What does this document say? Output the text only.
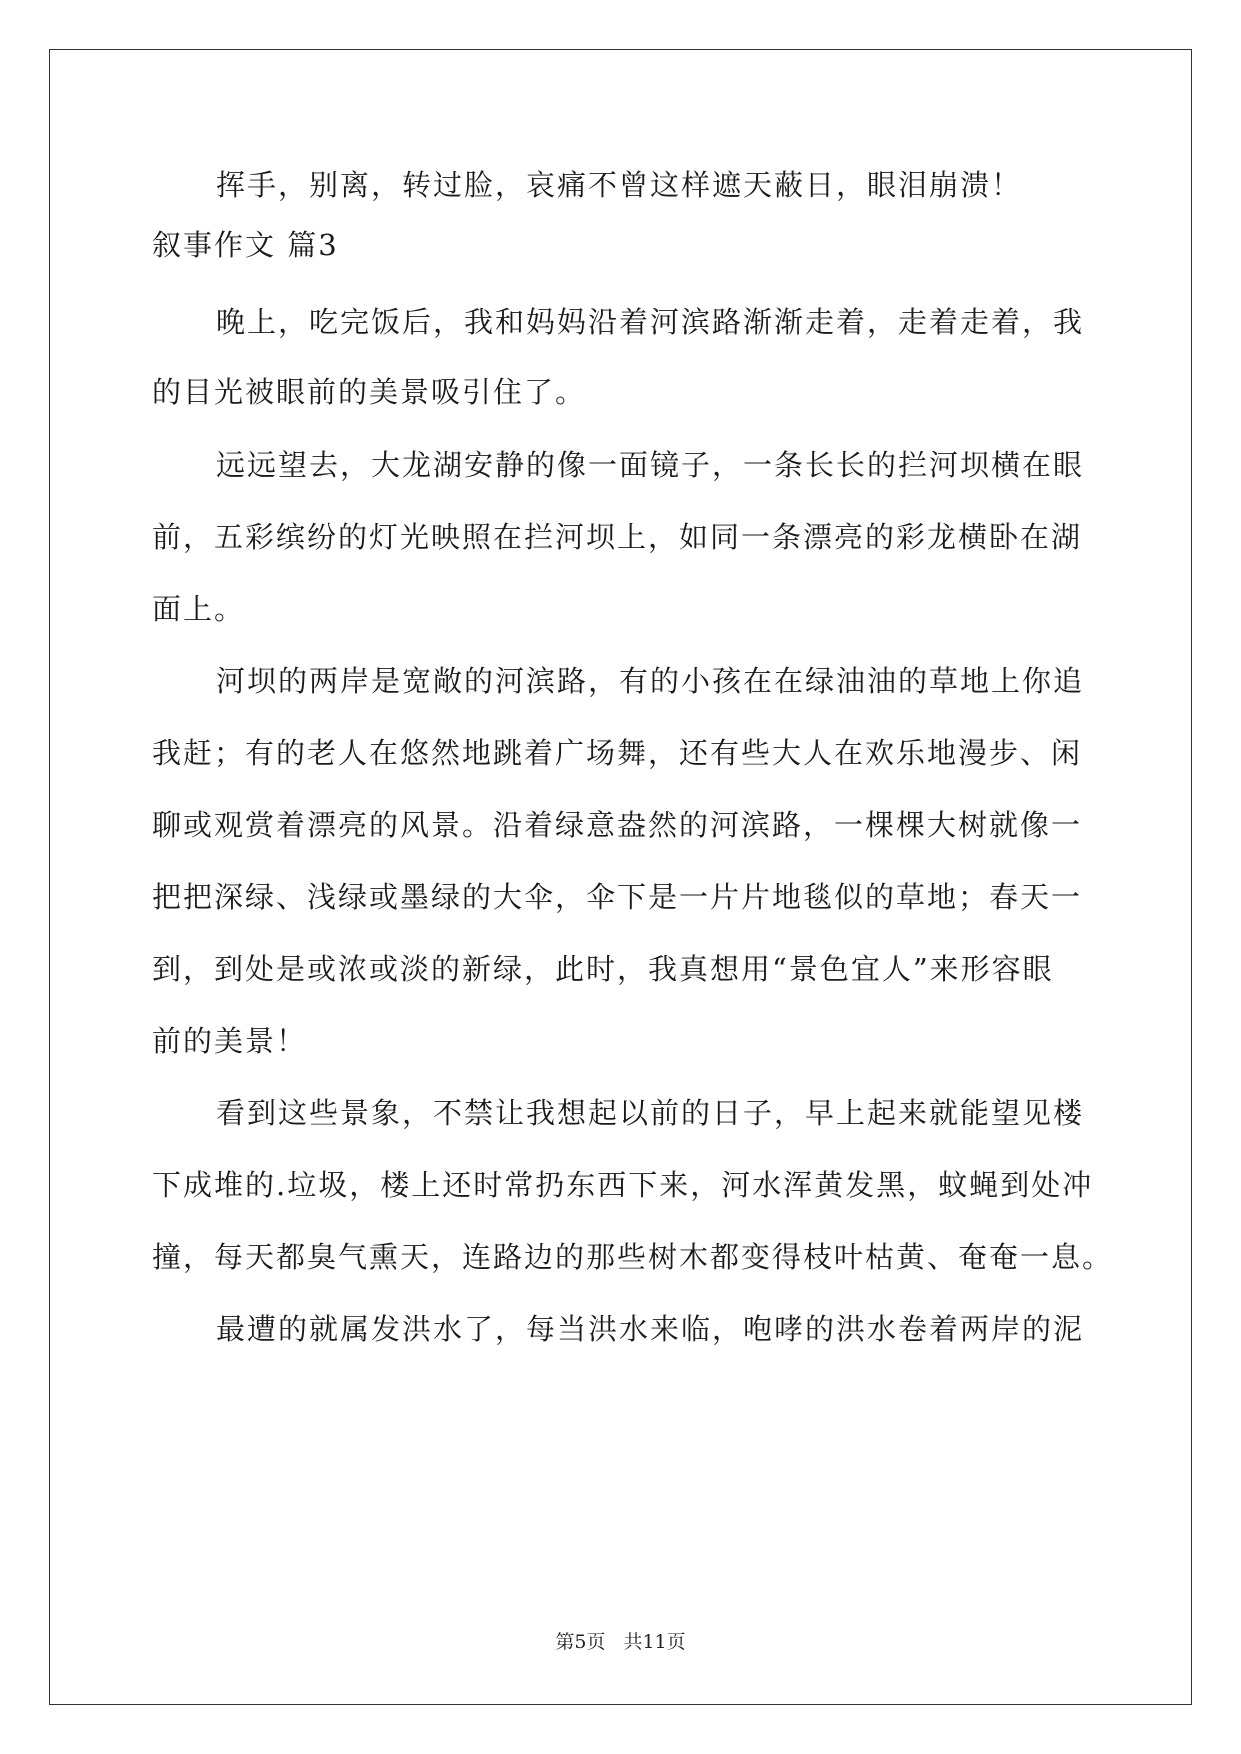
挥手，别离，转过脸，哀痛不曾这样遮天蔽日，眼泪崩溃！
叙事作文 篇3
晚上，吃完饭后，我和妈妈沿着河滨路渐渐走着，走着走着，我
的目光被眼前的美景吸引住了。
远远望去，大龙湖安静的像一面镜子，一条长长的拦河坝横在眼
前，五彩缤纷的灯光映照在拦河坝上，如同一条漂亮的彩龙横卧在湖
面上。
河坝的两岸是宽敞的河滨路，有的小孩在在绿油油的草地上你追
我赶；有的老人在悠然地跳着广场舞，还有些大人在欢乐地漫步、闲
聊或观赏着漂亮的风景。沿着绿意盎然的河滨路，一棵棵大树就像一
把把深绿、浅绿或墨绿的大伞，伞下是一片片地毯似的草地；春天一
到，到处是或浓或淡的新绿，此时，我真想用“景色宜人”来形容眼
前的美景！
看到这些景象，不禁让我想起以前的日子，早上起来就能望见楼
下成堆的.垃圾，楼上还时常扔东西下来，河水浑黄发黑，蚊蝇到处冲
撞，每天都臭气熏天，连路边的那些树木都变得枝叶枯黄、奄奄一息。
最遭的就属发洪水了，每当洪水来临，咆哮的洪水卷着两岸的泥
第5页 共11页
